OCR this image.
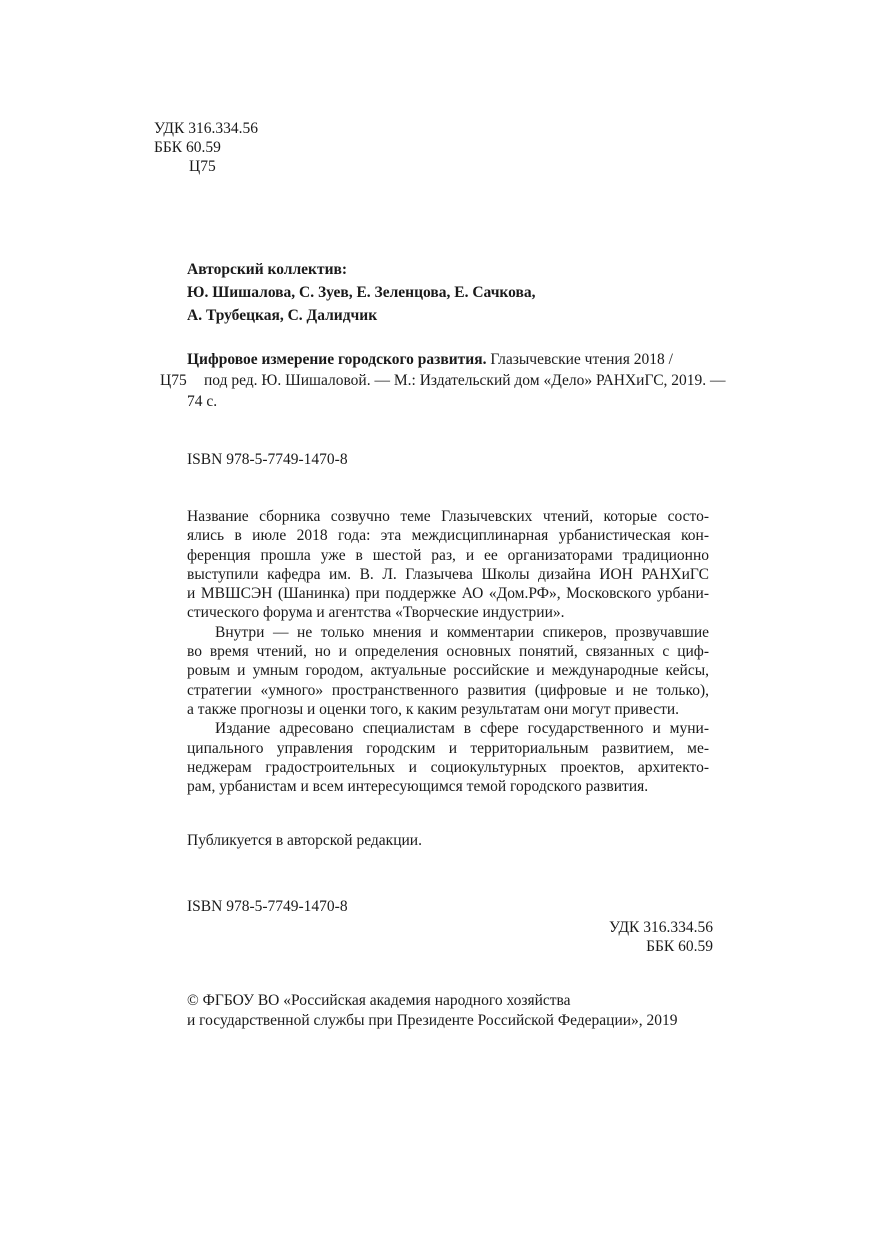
УДК 316.334.56
ББК 60.59
Ц75
Авторский коллектив:
Ю. Шишалова, С. Зуев, Е. Зеленцова, Е. Сачкова,
А. Трубецкая, С. Далидчик
Цифровое измерение городского развития. Глазычевские чтения 2018 /
Ц75 под ред. Ю. Шишаловой. — М.: Издательский дом «Дело» РАНХиГС, 2019. —
74 с.
ISBN 978-5-7749-1470-8
Название сборника созвучно теме Глазычевских чтений, которые состо-
ялись в июле 2018 года: эта междисциплинарная урбанистическая кон-
ференция прошла уже в шестой раз, и ее организаторами традиционно
выступили кафедра им. В. Л. Глазычева Школы дизайна ИОН РАНХиГС
и МВШСЭН (Шанинка) при поддержке АО «Дом.РФ», Московского урбани-
стического форума и агентства «Творческие индустрии».
Внутри — не только мнения и комментарии спикеров, прозвучавшие
во время чтений, но и определения основных понятий, связанных с циф-
ровым и умным городом, актуальные российские и международные кейсы,
стратегии «умного» пространственного развития (цифровые и не только),
а также прогнозы и оценки того, к каким результатам они могут привести.
Издание адресовано специалистам в сфере государственного и муни-
ципального управления городским и территориальным развитием, ме-
неджерам градостроительных и социокультурных проектов, архитекто-
рам, урбанистам и всем интересующимся темой городского развития.
Публикуется в авторской редакции.
ISBN 978-5-7749-1470-8
УДК 316.334.56
ББК 60.59
© ФГБОУ ВО «Российская академия народного хозяйства
и государственной службы при Президенте Российской Федерации», 2019
